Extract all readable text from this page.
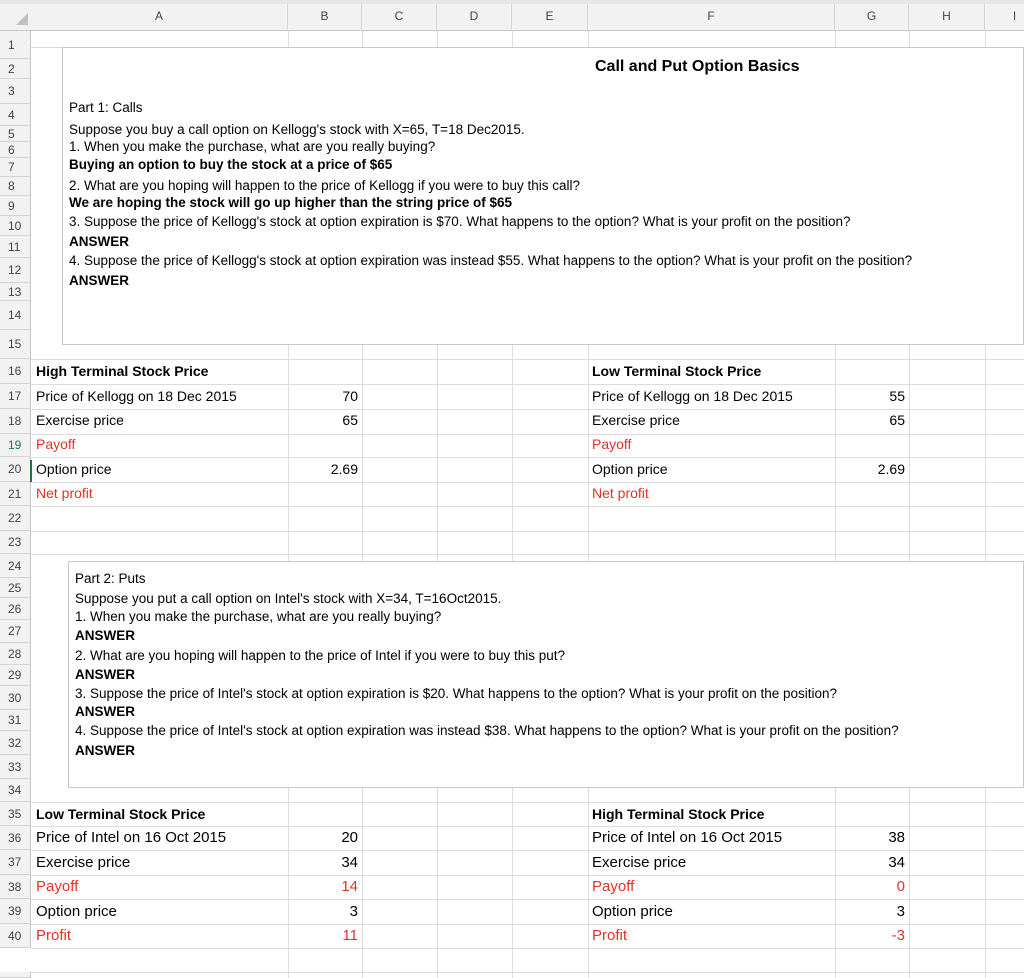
A	B	C	D	E	F	G	H	I
1
2
3
4
5
6
7
8
9
10
11
12
13
14
15
16
17
18
19
20
21
22
23
24
25
26
27
28
29
30
31
32
33
34
35
36
37
38
39
40
Call and Put Option Basics
Part 1: Calls
Suppose you buy a call option on Kellogg's stock with X=65, T=18 Dec2015.
1. When you make the purchase, what are you really buying?
Buying an option to buy the stock at a price of $65
2. What are you hoping will happen to the price of Kellogg if you were to buy this call?
We are hoping the stock will go up higher than the string price of $65
3. Suppose the price of Kellogg's stock at option expiration is $70. What happens to the option? What is your profit on the position?
ANSWER
4. Suppose the price of Kellogg's stock at option expiration was instead $55. What happens to the option? What is your profit on the position?
ANSWER
High Terminal Stock Price
Price of Kellogg on 18 Dec 2015	70
Exercise price	65
Payoff
Option price	2.69
Net profit
Low Terminal Stock Price
Price of Kellogg on 18 Dec 2015	55
Exercise price	65
Payoff
Option price	2.69
Net profit
Part 2: Puts
Suppose you put a call option on Intel's stock with X=34, T=16Oct2015.
1. When you make the purchase, what are you really buying?
ANSWER
2. What are you hoping will happen to the price of Intel if you were to buy this put?
ANSWER
3. Suppose the price of Intel's stock at option expiration is $20. What happens to the option? What is your profit on the position?
ANSWER
4. Suppose the price of Intel's stock at option expiration was instead $38. What happens to the option? What is your profit on the position?
ANSWER
Low Terminal Stock Price
Price of Intel on 16 Oct 2015	20
Exercise price	34
Payoff	14
Option price	3
Profit	11
High Terminal Stock Price
Price of Intel on 16 Oct 2015	38
Exercise price	34
Payoff	0
Option price	3
Profit	-3
